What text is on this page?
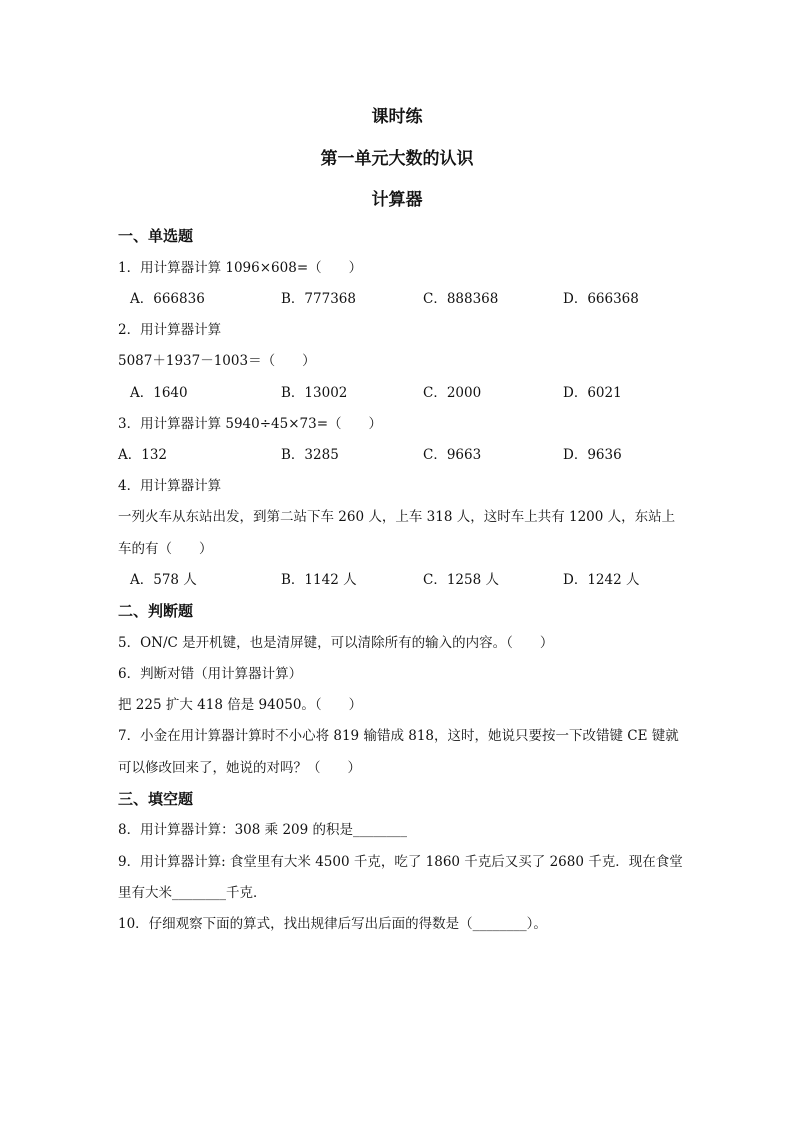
课时练
第一单元大数的认识
计算器
一、单选题
1．用计算器计算 1096×608=（　　）
A．666836	B．777368	C．888368	D．666368
2．用计算器计算
5087＋1937－1003＝（　　）
A．1640	B．13002	C．2000	D．6021
3．用计算器计算 5940÷45×73=（　　）
A．132	B．3285	C．9663	D．9636
4．用计算器计算
一列火车从东站出发，到第二站下车 260 人，上车 318 人，这时车上共有 1200 人，东站上
车的有（　　）
A．578 人	B．1142 人	C．1258 人	D．1242 人
二、判断题
5．ON/C 是开机键，也是清屏键，可以清除所有的输入的内容。（　　）
6．判断对错（用计算器计算）
把 225 扩大 418 倍是 94050。（　　）
7．小金在用计算器计算时不小心将 819 输错成 818，这时，她说只要按一下改错键 CE 键就
可以修改回来了，她说的对吗？（　　）
三、填空题
8．用计算器计算：308 乘 209 的积是________
9．用计算器计算: 食堂里有大米 4500 千克，吃了 1860 千克后又买了 2680 千克．现在食堂
里有大米________千克．
10．仔细观察下面的算式，找出规律后写出后面的得数是（________）。
